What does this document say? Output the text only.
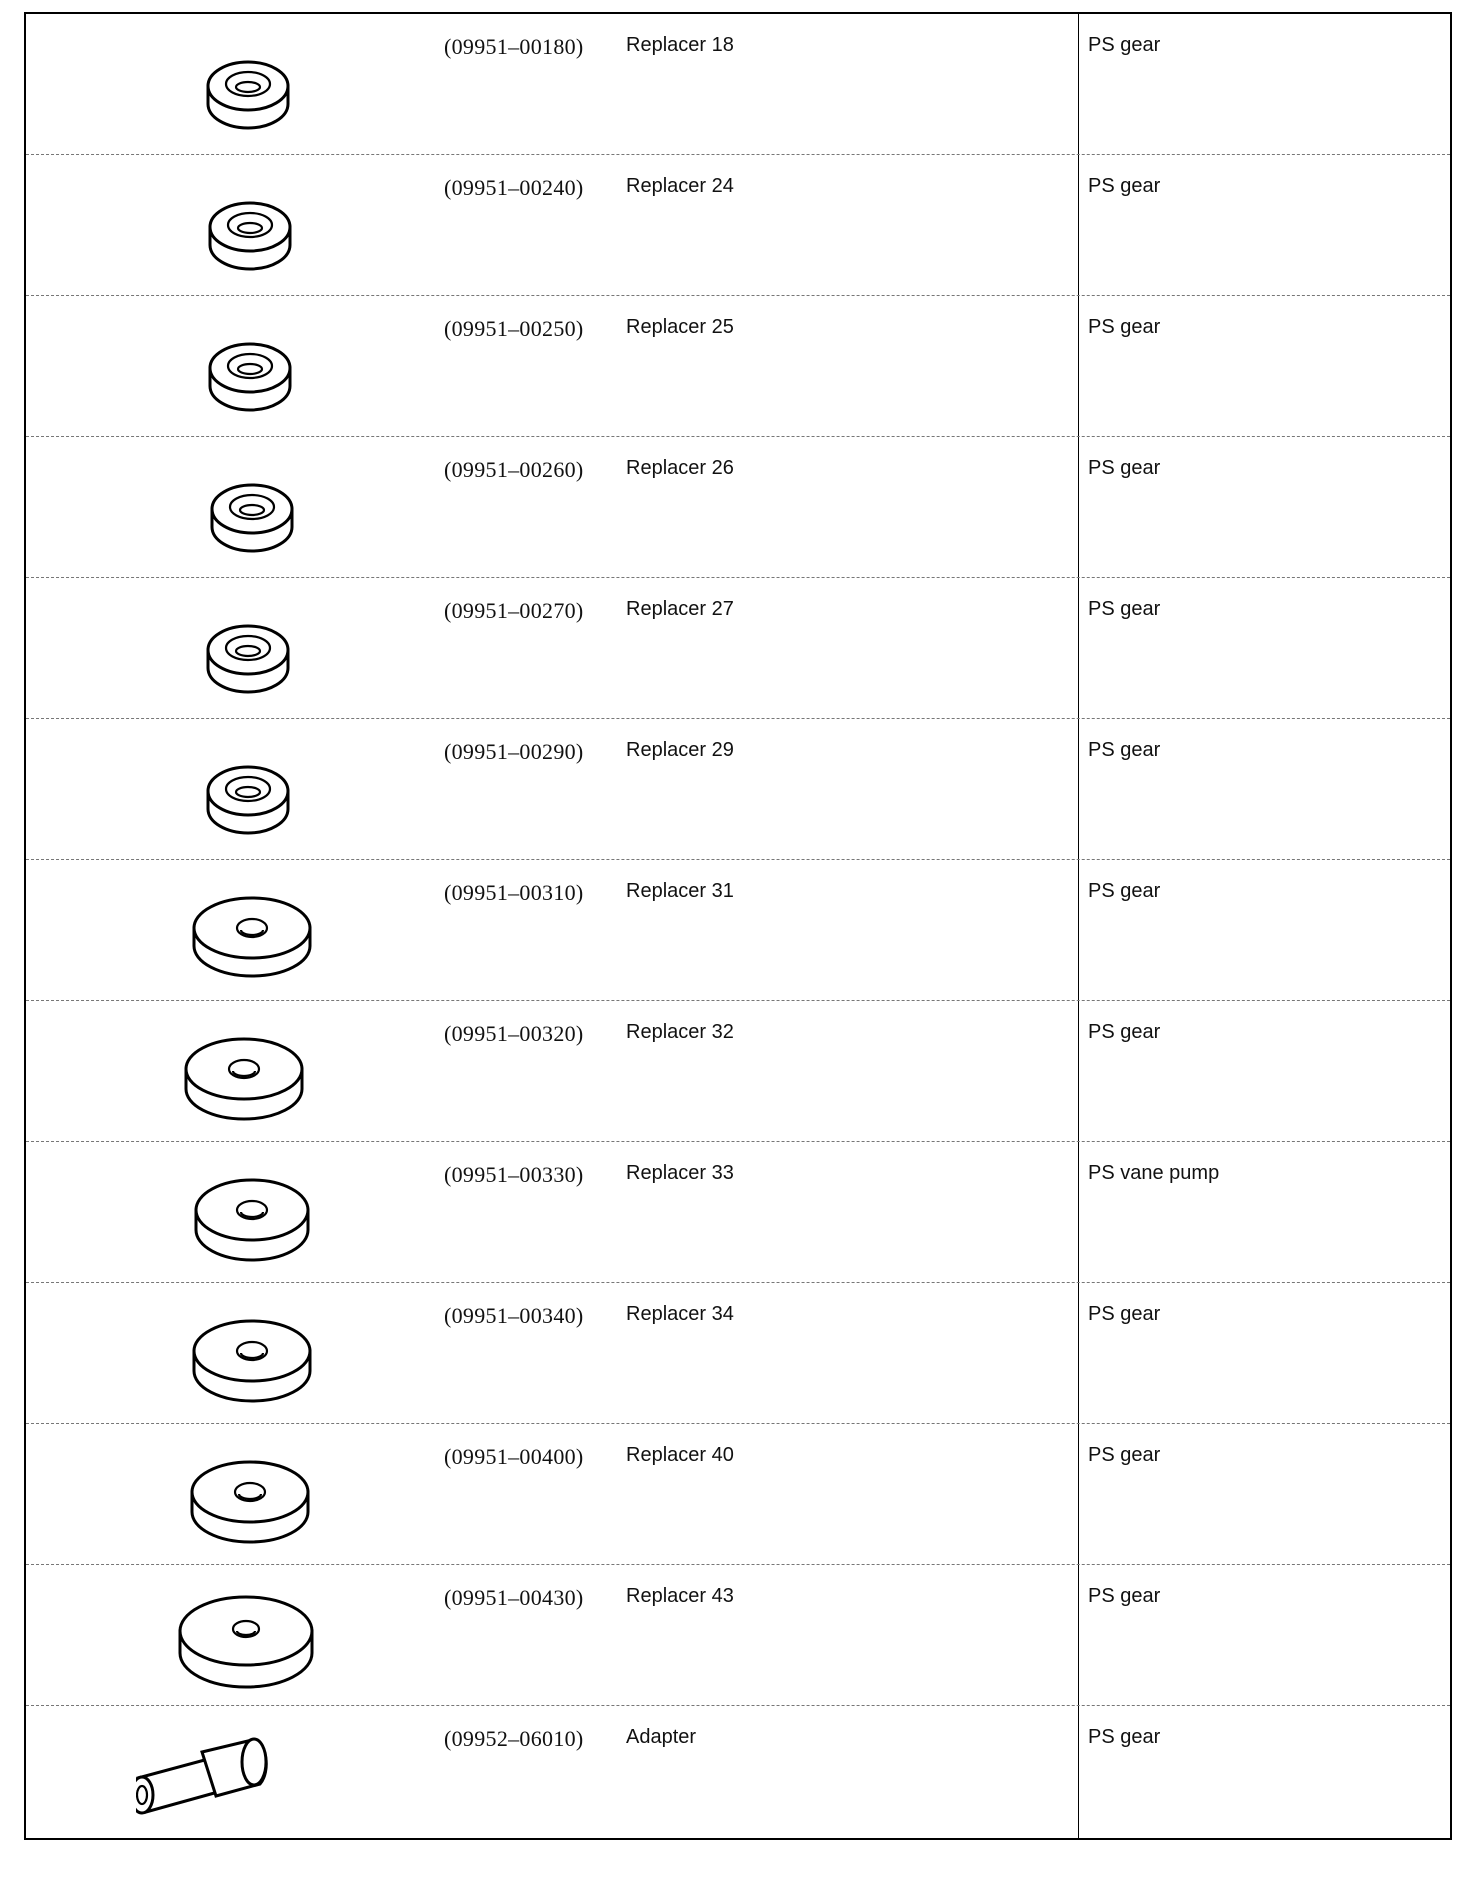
(09951–00180) Replacer 18	PS gear
(09951–00240) Replacer 24	PS gear
(09951–00250) Replacer 25	PS gear
(09951–00260) Replacer 26	PS gear
(09951–00270) Replacer 27	PS gear
(09951–00290) Replacer 29	PS gear
(09951–00310) Replacer 31	PS gear
(09951–00320) Replacer 32	PS gear
(09951–00330) Replacer 33	PS vane pump
(09951–00340) Replacer 34	PS gear
(09951–00400) Replacer 40	PS gear
(09951–00430) Replacer 43	PS gear
(09952–06010) Adapter	PS gear
